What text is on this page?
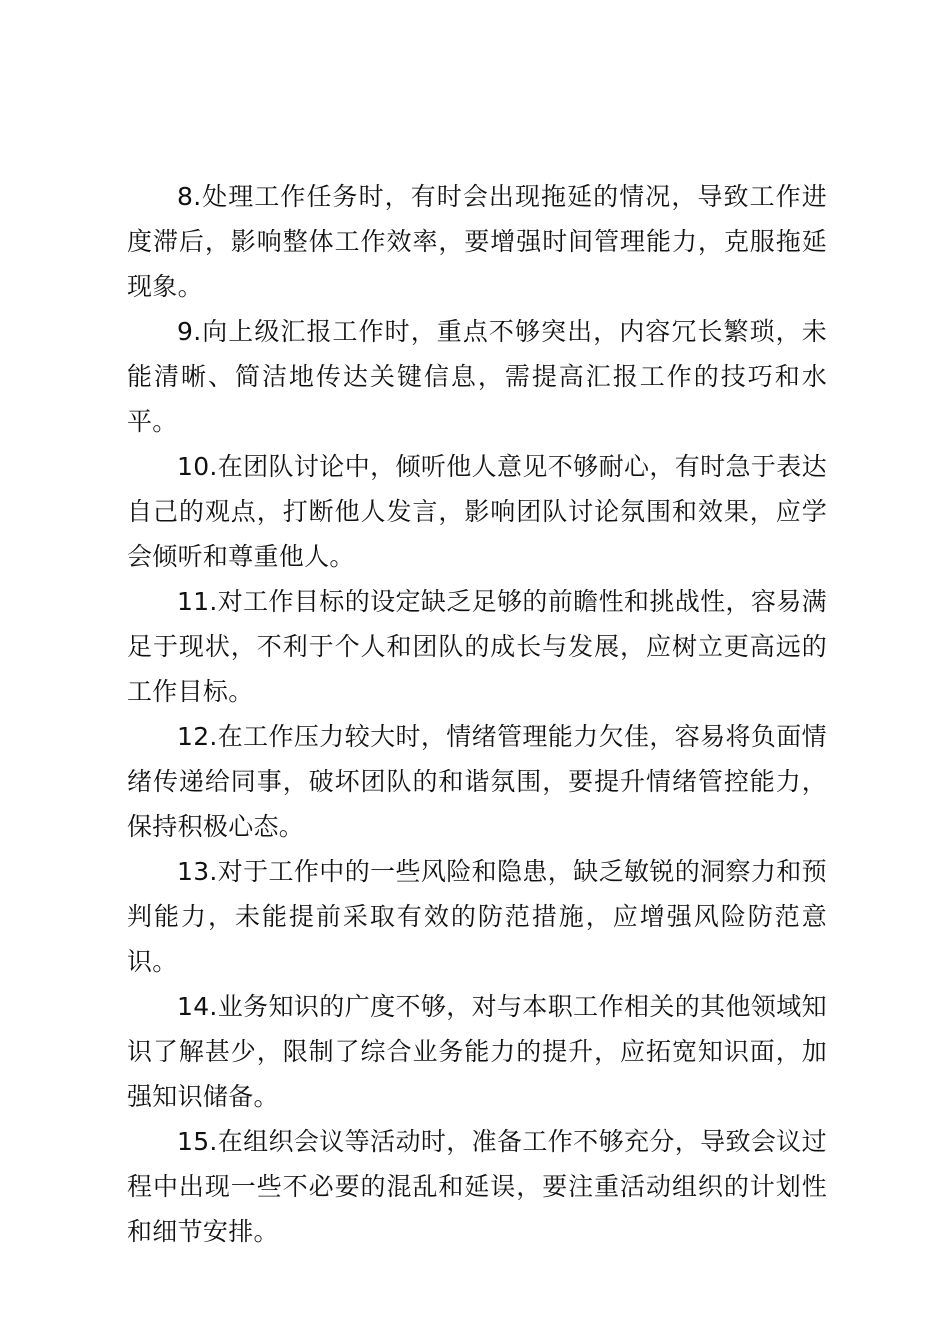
8.处理工作任务时，有时会出现拖延的情况，导致工作进度滞后，影响整体工作效率，要增强时间管理能力，克服拖延现象。

9.向上级汇报工作时，重点不够突出，内容冗长繁琐，未能清晰、简洁地传达关键信息，需提高汇报工作的技巧和水平。

10.在团队讨论中，倾听他人意见不够耐心，有时急于表达自己的观点，打断他人发言，影响团队讨论氛围和效果，应学会倾听和尊重他人。

11.对工作目标的设定缺乏足够的前瞻性和挑战性，容易满足于现状，不利于个人和团队的成长与发展，应树立更高远的工作目标。

12.在工作压力较大时，情绪管理能力欠佳，容易将负面情绪传递给同事，破坏团队的和谐氛围，要提升情绪管控能力，保持积极心态。

13.对于工作中的一些风险和隐患，缺乏敏锐的洞察力和预判能力，未能提前采取有效的防范措施，应增强风险防范意识。

14.业务知识的广度不够，对与本职工作相关的其他领域知识了解甚少，限制了综合业务能力的提升，应拓宽知识面，加强知识储备。

15.在组织会议等活动时，准备工作不够充分，导致会议过程中出现一些不必要的混乱和延误，要注重活动组织的计划性和细节安排。
